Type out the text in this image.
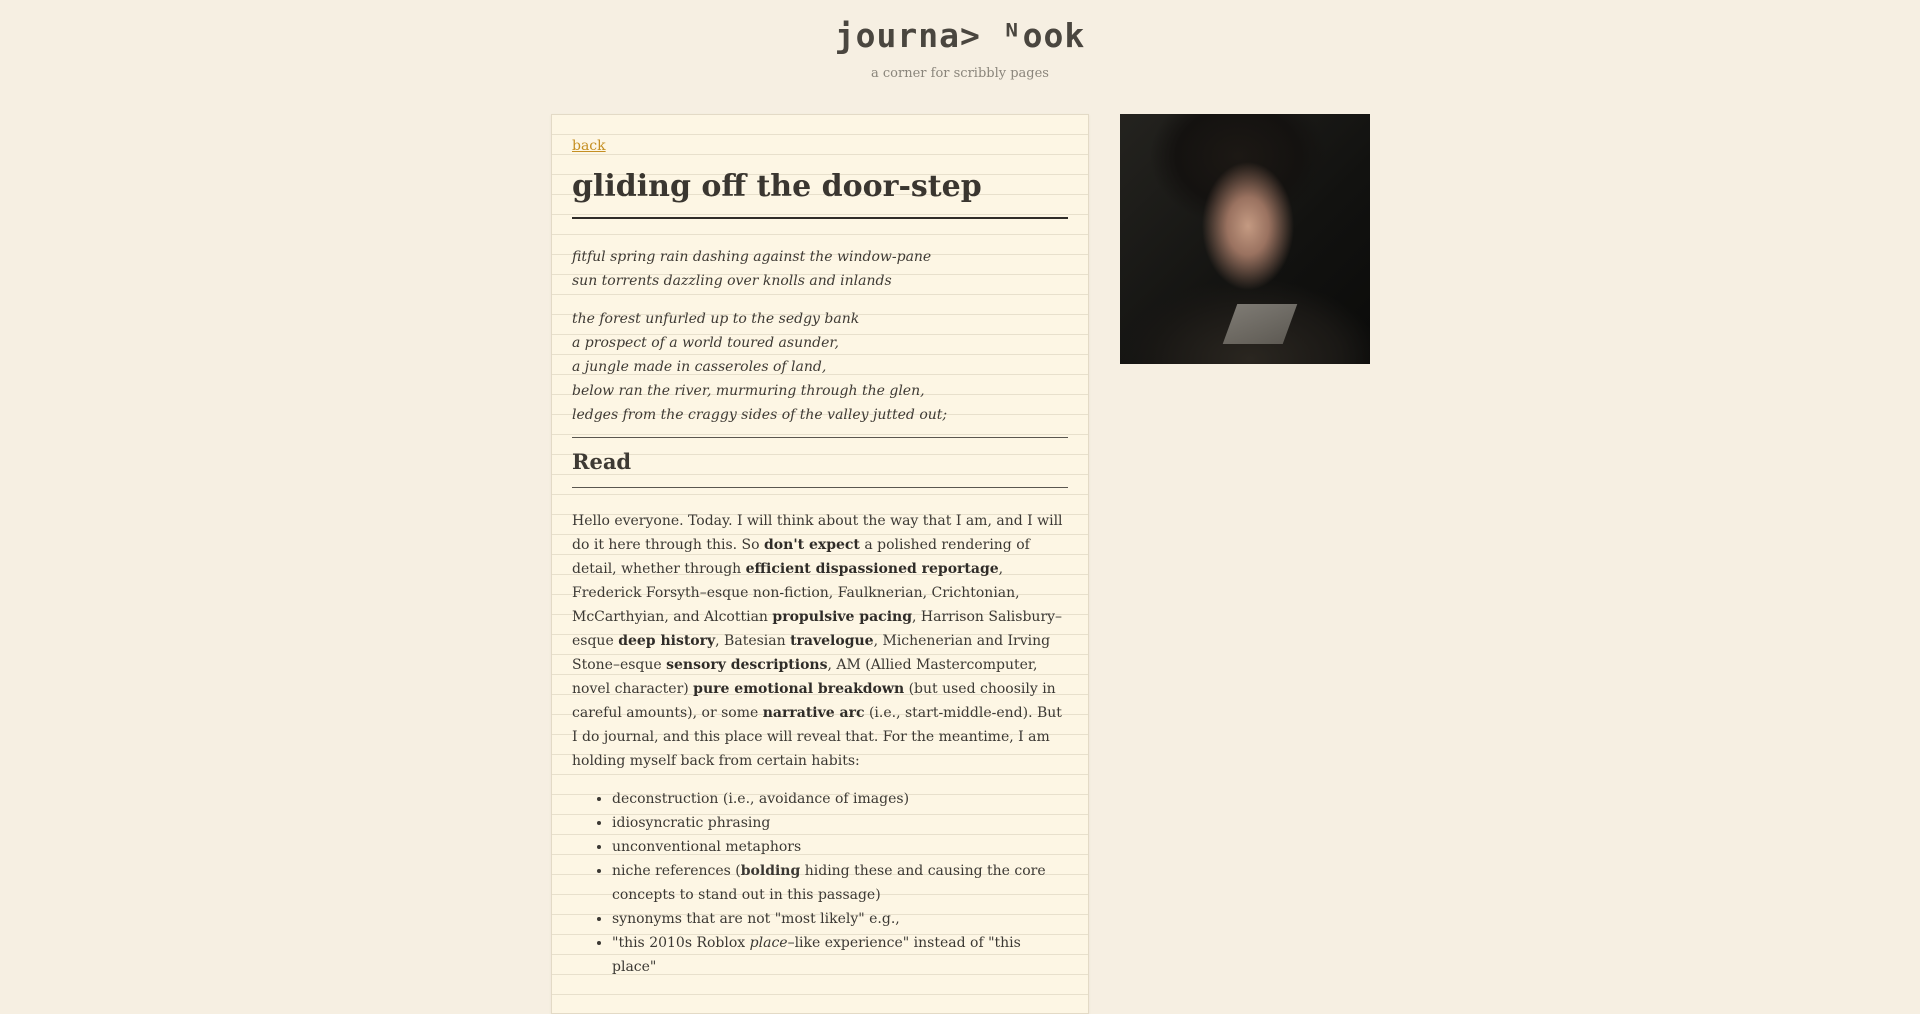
journa> ᴺook
a corner for scribbly pages
back
gliding off the door-step
fitful spring rain dashing against the window-pane
sun torrents dazzling over knolls and inlands
the forest unfurled up to the sedgy bank
a prospect of a world toured asunder,
a jungle made in casseroles of land,
below ran the river, murmuring through the glen,
ledges from the craggy sides of the valley jutted out;
Read

Hello everyone. Today. I will think about the way that I am, and I will do it here through this. So don't expect a polished rendering of detail, whether through efficient dispassioned reportage, Frederick Forsyth–esque non-fiction, Faulknerian, Crichtonian, McCarthyian, and Alcottian propulsive pacing, Harrison Salisbury–esque deep history, Batesian travelogue, Michenerian and Irving Stone–esque sensory descriptions, AM (Allied Mastercomputer, novel character) pure emotional breakdown (but used choosily in careful amounts), or some narrative arc (i.e., start-middle-end). But I do journal, and this place will reveal that. For the meantime, I am holding myself back from certain habits:

• deconstruction (i.e., avoidance of images)
• idiosyncratic phrasing
• unconventional metaphors
• niche references (bolding hiding these and causing the core concepts to stand out in this passage)
• synonyms that are not "most likely" e.g.,
• "this 2010s Roblox place–like experience" instead of "this place"
